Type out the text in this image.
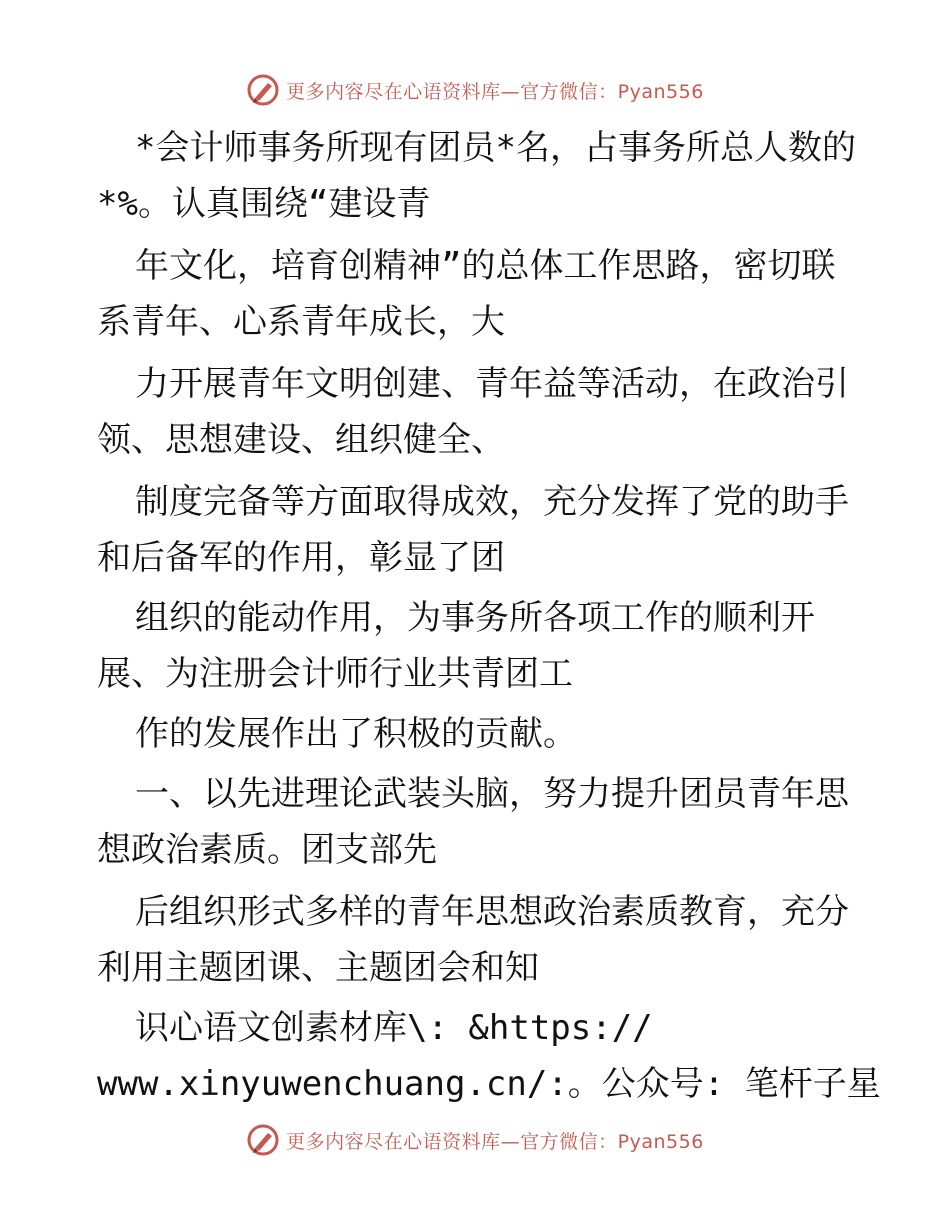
更多内容尽在心语资料库—官方微信：Pyan556
*会计师事务所现有团员*名，占事务所总人数的
*%。认真围绕“建设青
年文化，培育创精神”的总体工作思路，密切联
系青年、心系青年成长，大
力开展青年文明创建、青年益等活动，在政治引
领、思想建设、组织健全、
制度完备等方面取得成效，充分发挥了党的助手
和后备军的作用，彰显了团
组织的能动作用，为事务所各项工作的顺利开
展、为注册会计师行业共青团工
作的发展作出了积极的贡献。
一、以先进理论武装头脑，努力提升团员青年思
想政治素质。团支部先
后组织形式多样的青年思想政治素质教育，充分
利用主题团课、主题团会和知
识心语文创素材库\: &https://
www.xinyuwenchuang.cn/:。公众号: 笔杆子星
更多内容尽在心语资料库—官方微信：Pyan556
